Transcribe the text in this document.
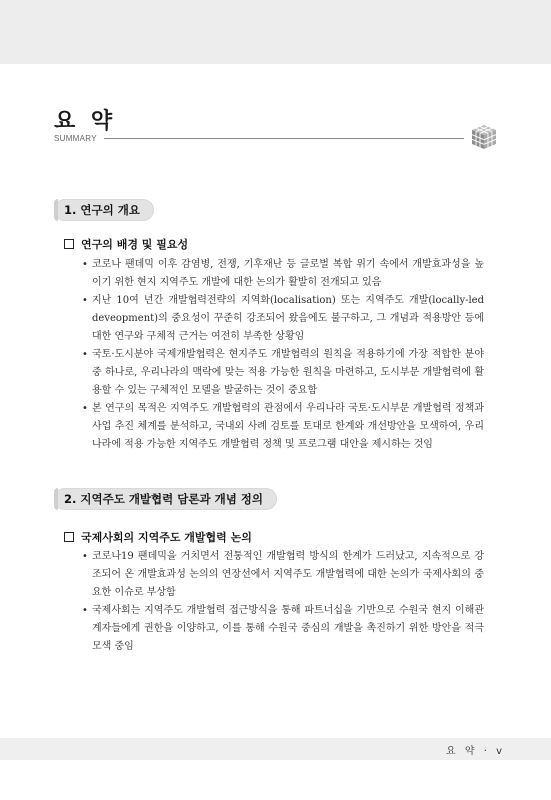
요 약
SUMMARY
1. 연구의 개요
연구의 배경 및 필요성
• 코로나 팬데믹 이후 감염병, 전쟁, 기후재난 등 글로벌 복합 위기 속에서 개발효과성을 높이기 위한 현지 지역주도 개발에 대한 논의가 활발히 전개되고 있음
• 지난 10여 년간 개발협력전략의 지역화(localisation) 또는 지역주도 개발(locally-led deveopment)의 중요성이 꾸준히 강조되어 왔음에도 불구하고, 그 개념과 적용방안 등에 대한 연구와 구체적 근거는 여전히 부족한 상황임
• 국토·도시분야 국제개발협력은 현지주도 개발협력의 원칙을 적용하기에 가장 적합한 분야 중 하나로, 우리나라의 맥락에 맞는 적용 가능한 원칙을 마련하고, 도시부문 개발협력에 활용할 수 있는 구체적인 모델을 발굴하는 것이 중요함
• 본 연구의 목적은 지역주도 개발협력의 관점에서 우리나라 국토·도시부문 개발협력 정책과 사업 추진 체계를 분석하고, 국내외 사례 검토를 토대로 한계와 개선방안을 모색하여, 우리나라에 적용 가능한 지역주도 개발협력 정책 및 프로그램 대안을 제시하는 것임
2. 지역주도 개발협력 담론과 개념 정의
국제사회의 지역주도 개발협력 논의
• 코로나19 팬데믹을 거치면서 전통적인 개발협력 방식의 한계가 드러났고, 지속적으로 강조되어 온 개발효과성 논의의 연장선에서 지역주도 개발협력에 대한 논의가 국제사회의 중요한 이슈로 부상함
• 국제사회는 지역주도 개발협력 접근방식을 통해 파트너십을 기반으로 수원국 현지 이해관계자들에게 권한을 이양하고, 이를 통해 수원국 중심의 개발을 촉진하기 위한 방안을 적극 모색 중임
요 약 · v
